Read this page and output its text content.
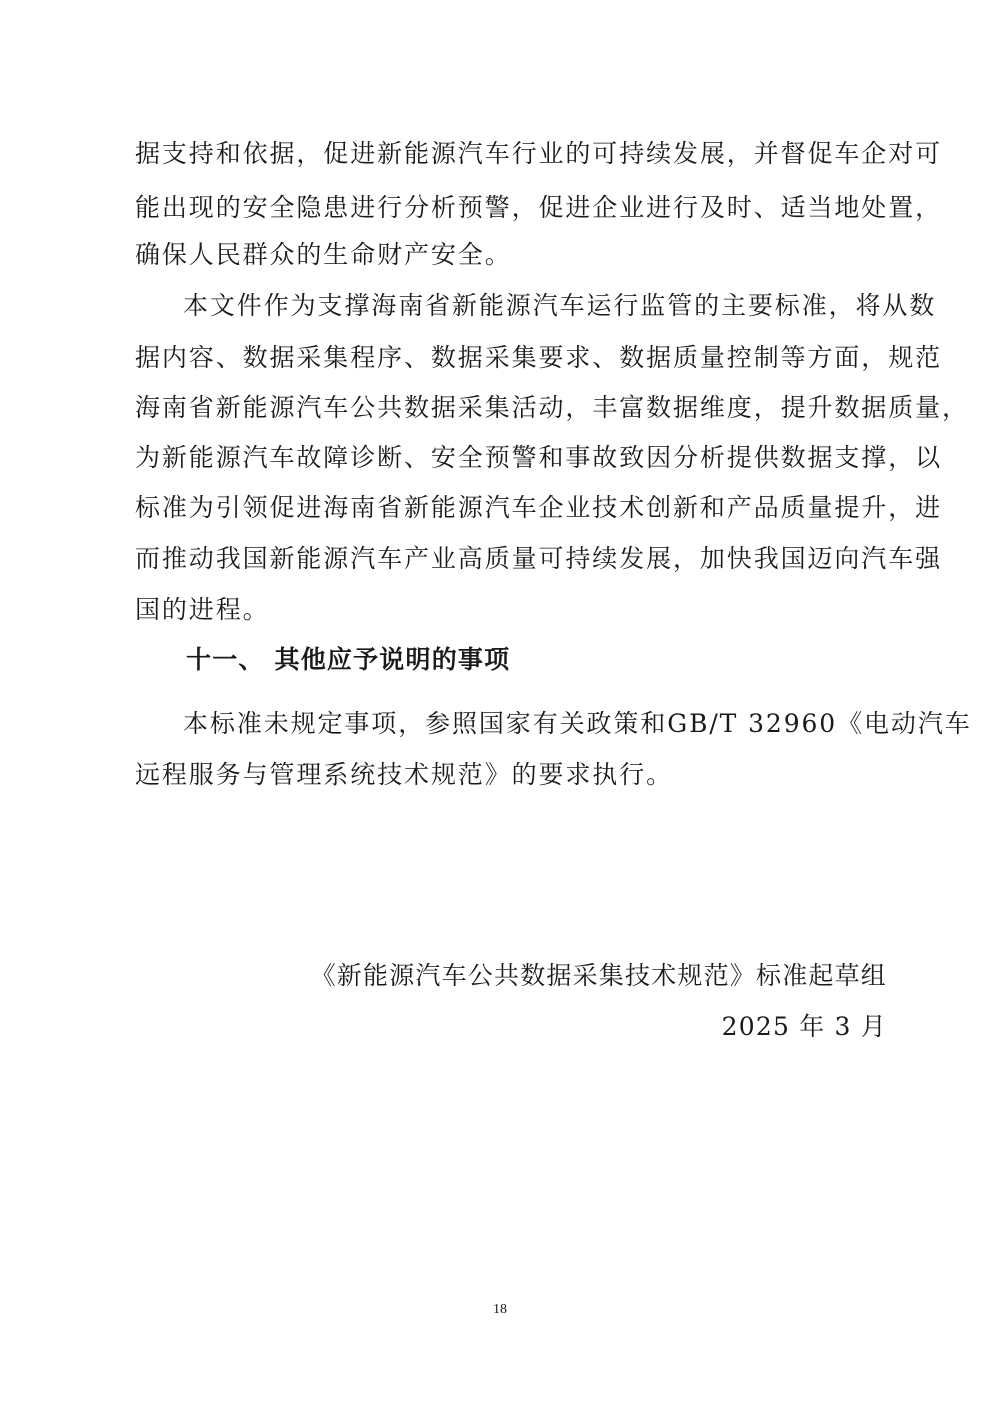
据支持和依据，促进新能源汽车行业的可持续发展，并督促车企对可
能出现的安全隐患进行分析预警，促进企业进行及时、适当地处置，
确保人民群众的生命财产安全。
本文件作为支撑海南省新能源汽车运行监管的主要标准，将从数
据内容、数据采集程序、数据采集要求、数据质量控制等方面，规范
海南省新能源汽车公共数据采集活动，丰富数据维度，提升数据质量，
为新能源汽车故障诊断、安全预警和事故致因分析提供数据支撑，以
标准为引领促进海南省新能源汽车企业技术创新和产品质量提升，进
而推动我国新能源汽车产业高质量可持续发展，加快我国迈向汽车强
国的进程。
十一、 其他应予说明的事项
本标准未规定事项，参照国家有关政策和GB/T 32960《电动汽车
远程服务与管理系统技术规范》的要求执行。
《新能源汽车公共数据采集技术规范》标准起草组
2025 年 3 月
18
